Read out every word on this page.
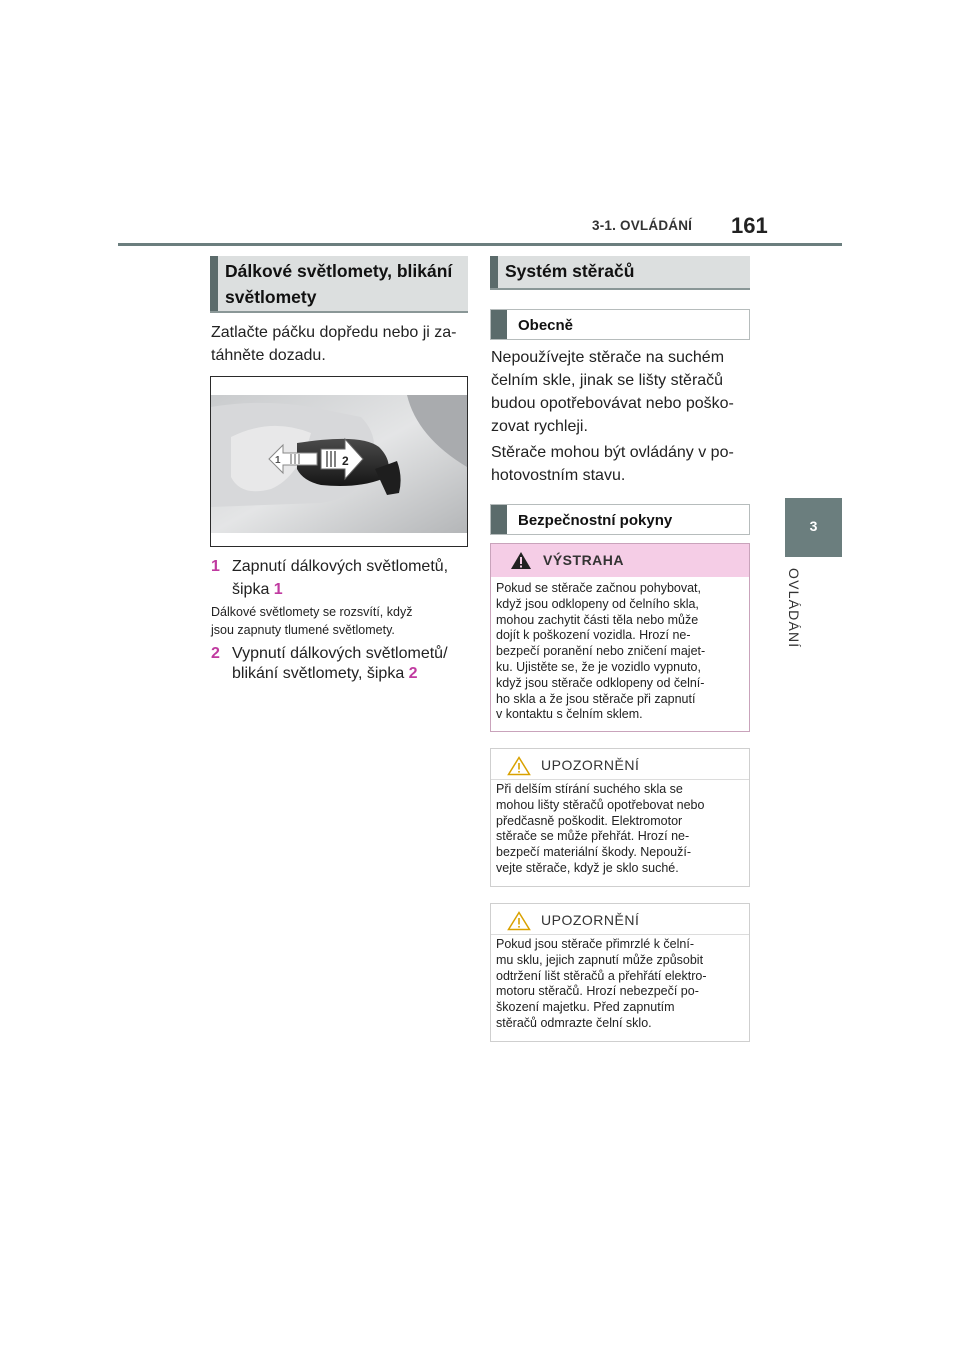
3-1. OVLÁDÁNÍ 161
3
OVLÁDÁNÍ
Dálkové světlomety, blikání
světlomety
Zatlačte páčku dopředu nebo ji za-
táhněte dozadu.
1	2
1 Zapnutí dálkových světlometů,
šipka 1
Dálkové světlomety se rozsvítí, když
jsou zapnuty tlumené světlomety.
2 Vypnutí dálkových světlometů/
blikání světlomety, šipka 2
Systém stěračů
Obecně
Nepoužívejte stěrače na suchém
čelním skle, jinak se lišty stěračů
budou opotřebovávat nebo poško-
zovat rychleji.
Stěrače mohou být ovládány v po-
hotovostním stavu.
Bezpečnostní pokyny
VÝSTRAHA

Pokud se stěrače začnou pohybovat,

když jsou odklopeny od čelního skla,

mohou zachytit části těla nebo může

dojít k poškození vozidla. Hrozí ne-

bezpečí poranění nebo zničení majet-

ku. Ujistěte se, že je vozidlo vypnuto,

když jsou stěrače odklopeny od čelní-

ho skla a že jsou stěrače při zapnutí

v kontaktu s čelním sklem.

UPOZORNĚNÍ

Při delším stírání suchého skla se

mohou lišty stěračů opotřebovat nebo

předčasně poškodit. Elektromotor

stěrače se může přehřát. Hrozí ne-

bezpečí materiální škody. Nepouží-

vejte stěrače, když je sklo suché.

UPOZORNĚNÍ

Pokud jsou stěrače přimrzlé k čelní-

mu sklu, jejich zapnutí může způsobit

odtržení lišt stěračů a přehřátí elektro-

motoru stěračů. Hrozí nebezpečí po-

škození majetku. Před zapnutím

stěračů odmrazte čelní sklo.
